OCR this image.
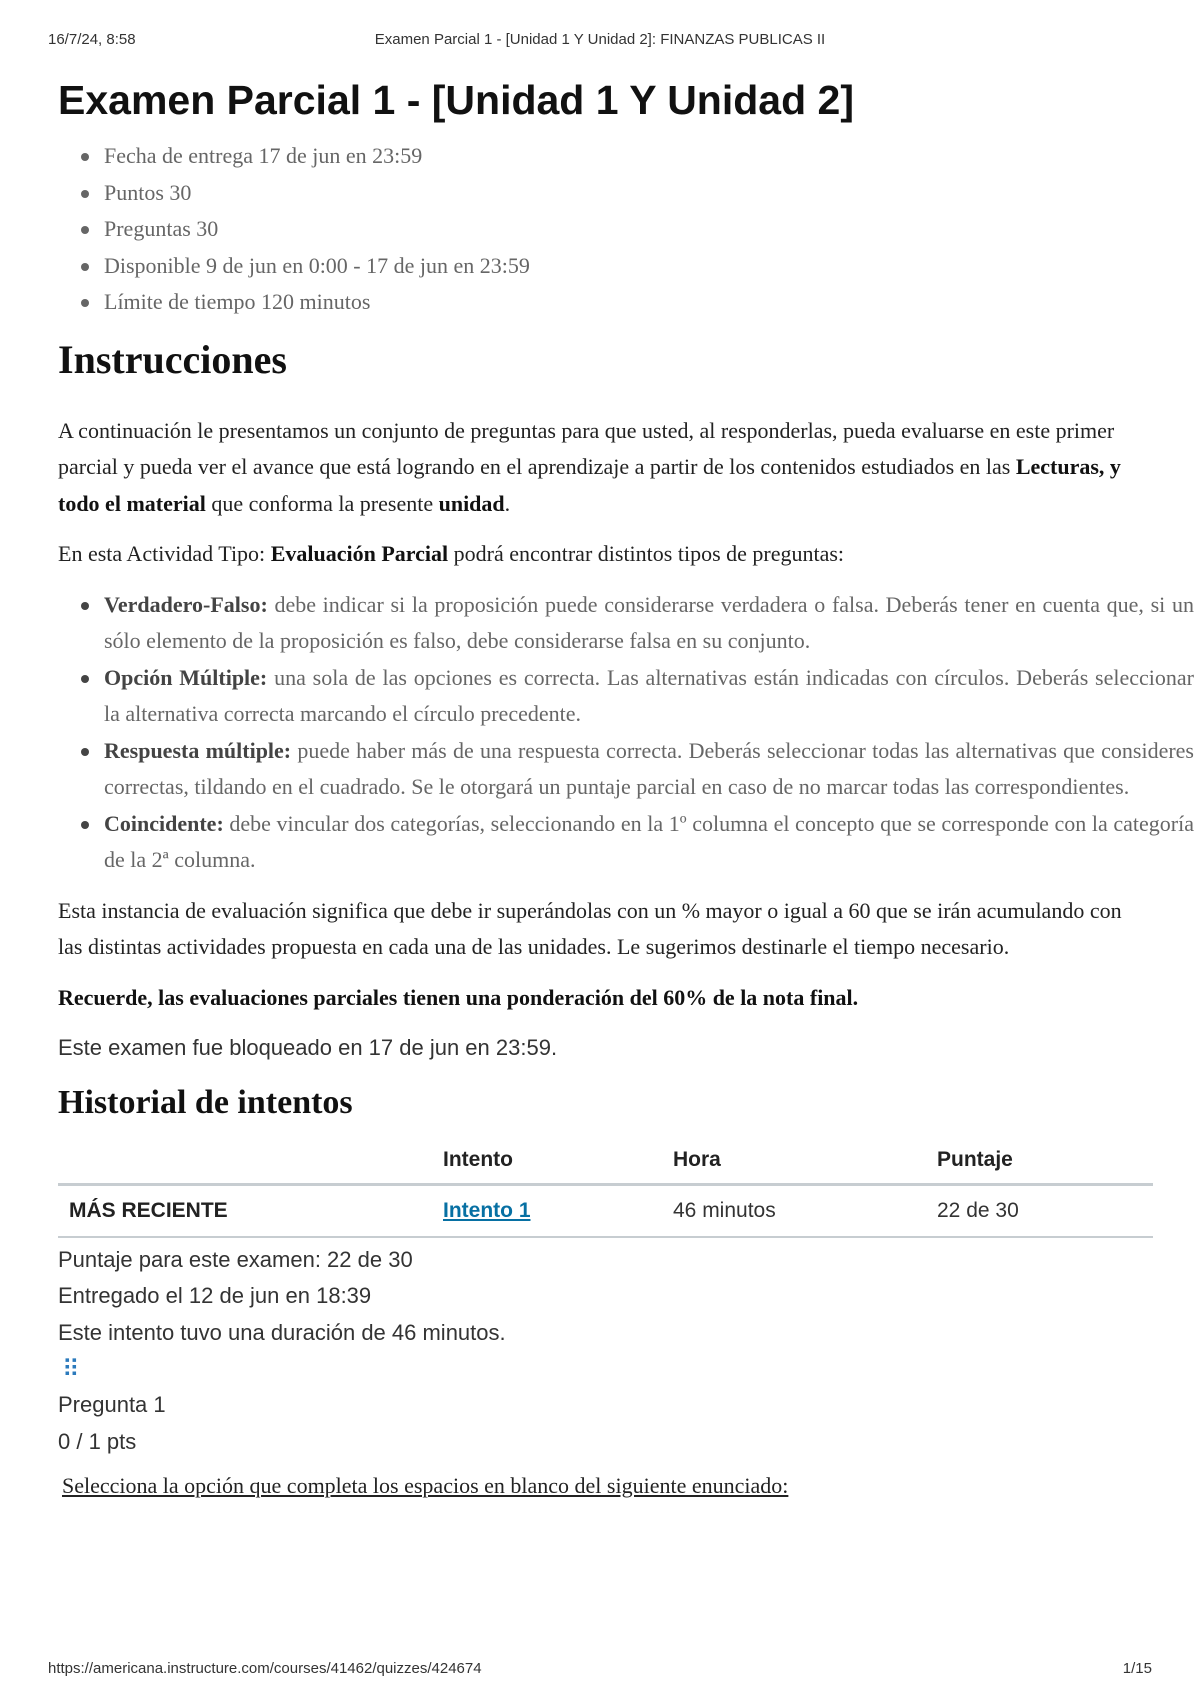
16/7/24, 8:58	Examen Parcial 1 - [Unidad 1 Y Unidad 2]: FINANZAS PUBLICAS II
Examen Parcial 1 - [Unidad 1 Y Unidad 2]
Fecha de entrega 17 de jun en 23:59
Puntos 30
Preguntas 30
Disponible 9 de jun en 0:00 - 17 de jun en 23:59
Límite de tiempo 120 minutos
Instrucciones

A continuación le presentamos un conjunto de preguntas para que usted, al responderlas, pueda evaluarse en este primer parcial y pueda ver el avance que está logrando en el aprendizaje a partir de los contenidos estudiados en las Lecturas, y todo el material que conforma la presente unidad.

En esta Actividad Tipo: Evaluación Parcial podrá encontrar distintos tipos de preguntas:

Verdadero-Falso: debe indicar si la proposición puede considerarse verdadera o falsa. Deberás tener en cuenta que, si un sólo elemento de la proposición es falso, debe considerarse falsa en su conjunto.
Opción Múltiple: una sola de las opciones es correcta. Las alternativas están indicadas con círculos. Deberás seleccionar la alternativa correcta marcando el círculo precedente.
Respuesta múltiple: puede haber más de una respuesta correcta. Deberás seleccionar todas las alternativas que consideres correctas, tildando en el cuadrado. Se le otorgará un puntaje parcial en caso de no marcar todas las correspondientes.
Coincidente: debe vincular dos categorías, seleccionando en la 1º columna el concepto que se corresponde con la categoría de la 2ª columna.

Esta instancia de evaluación significa que debe ir superándolas con un % mayor o igual a 60 que se irán acumulando con las distintas actividades propuesta en cada una de las unidades. Le sugerimos destinarle el tiempo necesario.

Recuerde, las evaluaciones parciales tienen una ponderación del 60% de la nota final.

Este examen fue bloqueado en 17 de jun en 23:59.

Historial de intentos
	Intento	Hora	Puntaje
MÁS RECIENTE	Intento 1	46 minutos	22 de 30

Puntaje para este examen: 22 de 30

Entregado el 12 de jun en 18:39

Este intento tuvo una duración de 46 minutos.

⠿

Pregunta 1

0 / 1 pts

Selecciona la opción que completa los espacios en blanco del siguiente enunciado:

https://americana.instructure.com/courses/41462/quizzes/424674	1/15
